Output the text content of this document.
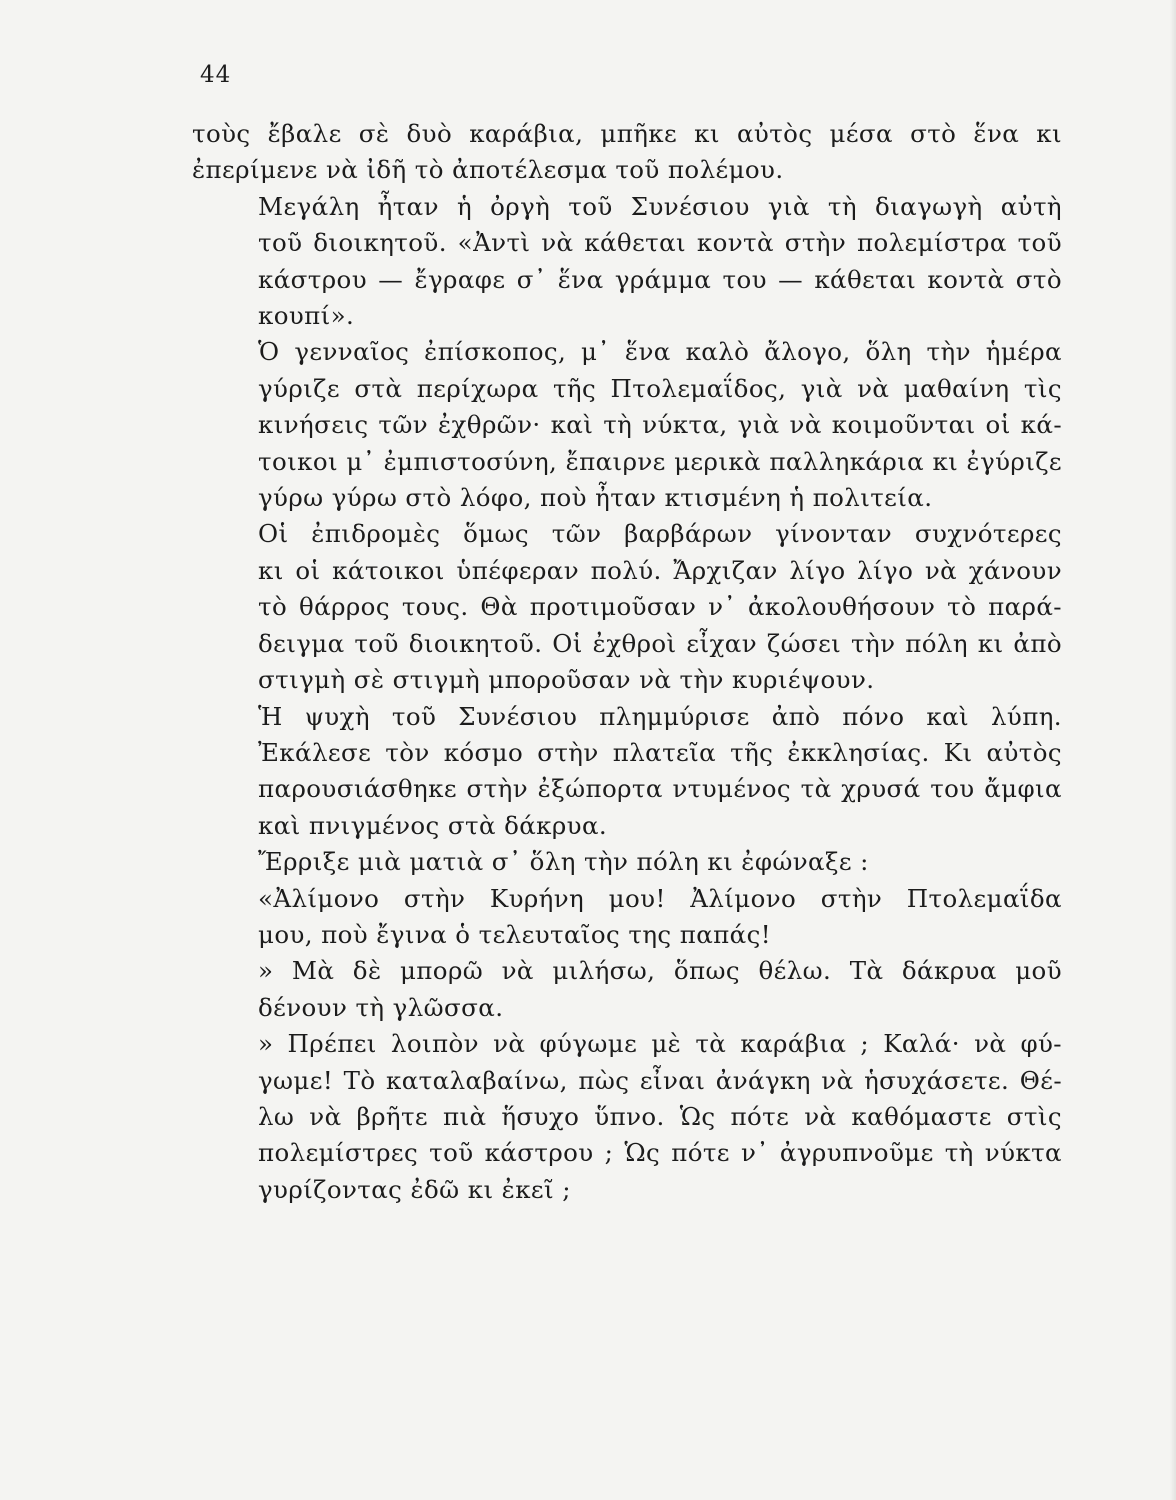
44

τοὺς ἔβαλε σὲ δυὸ καράβια, μπῆκε κι αὐτὸς μέσα στὸ ἕνα κι
ἐπερίμενε νὰ ἰδῆ τὸ ἀποτέλεσμα τοῦ πολέμου.

Μεγάλη ἦταν ἡ ὀργὴ τοῦ Συνέσιου γιὰ τὴ διαγωγὴ αὐτὴ
τοῦ διοικητοῦ. «Ἀντὶ νὰ κάθεται κοντὰ στὴν πολεμίστρα τοῦ
κάστρου — ἔγραφε σ᾽ ἕνα γράμμα του — κάθεται κοντὰ στὸ
κουπί».

Ὁ γενναῖος ἐπίσκοπος, μ᾽ ἕνα καλὸ ἄλογο, ὅλη τὴν ἡμέρα
γύριζε στὰ περίχωρα τῆς Πτολεμαΐδος, γιὰ νὰ μαθαίνη τὶς
κινήσεις τῶν ἐχθρῶν· καὶ τὴ νύκτα, γιὰ νὰ κοιμοῦνται οἱ κά-
τοικοι μ᾽ ἐμπιστοσύνη, ἔπαιρνε μερικὰ παλληκάρια κι ἐγύριζε
γύρω γύρω στὸ λόφο, ποὺ ἦταν κτισμένη ἡ πολιτεία.

Οἱ ἐπιδρομὲς ὅμως τῶν βαρβάρων γίνονταν συχνότερες
κι οἱ κάτοικοι ὑπέφεραν πολύ. Ἄρχιζαν λίγο λίγο νὰ χάνουν
τὸ θάρρος τους. Θὰ προτιμοῦσαν ν᾽ ἀκολουθήσουν τὸ παρά-
δειγμα τοῦ διοικητοῦ. Οἱ ἐχθροὶ εἶχαν ζώσει τὴν πόλη κι ἀπὸ
στιγμὴ σὲ στιγμὴ μποροῦσαν νὰ τὴν κυριέψουν.

Ἡ ψυχὴ τοῦ Συνέσιου πλημμύρισε ἀπὸ πόνο καὶ λύπη.
Ἐκάλεσε τὸν κόσμο στὴν πλατεῖα τῆς ἐκκλησίας. Κι αὐτὸς
παρουσιάσθηκε στὴν ἐξώπορτα ντυμένος τὰ χρυσά του ἄμφια
καὶ πνιγμένος στὰ δάκρυα.

Ἔρριξε μιὰ ματιὰ σ᾽ ὅλη τὴν πόλη κι ἐφώναξε :

«Ἀλίμονο στὴν Κυρήνη μου! Ἀλίμονο στὴν Πτολεμαΐδα
μου, ποὺ ἔγινα ὁ τελευταῖος της παπάς!

» Μὰ δὲ μπορῶ νὰ μιλήσω, ὅπως θέλω. Τὰ δάκρυα μοῦ
δένουν τὴ γλῶσσα.

» Πρέπει λοιπὸν νὰ φύγωμε μὲ τὰ καράβια ; Καλά· νὰ φύ-
γωμε! Τὸ καταλαβαίνω, πὼς εἶναι ἀνάγκη νὰ ἡσυχάσετε. Θέ-
λω νὰ βρῆτε πιὰ ἥσυχο ὕπνο. Ὡς πότε νὰ καθόμαστε στὶς
πολεμίστρες τοῦ κάστρου ; Ὡς πότε ν᾽ ἀγρυπνοῦμε τὴ νύκτα
γυρίζοντας ἐδῶ κι ἐκεῖ ;
